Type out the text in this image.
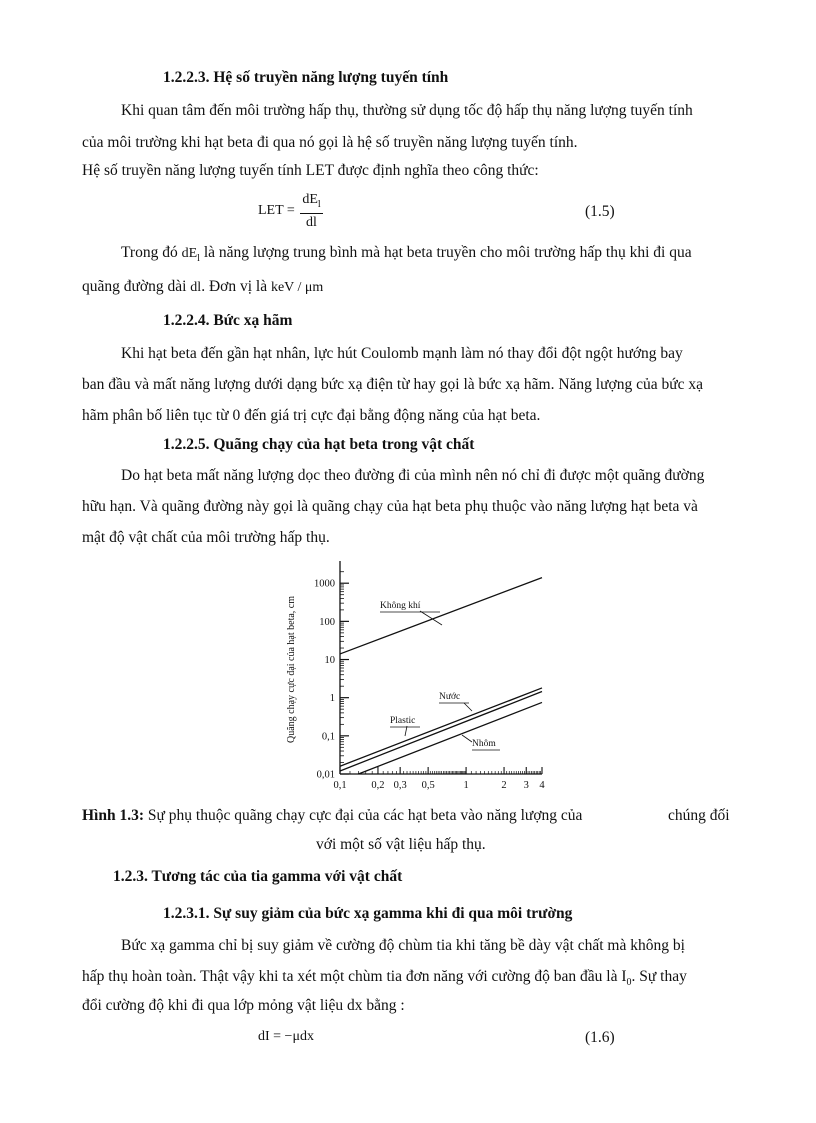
1.2.2.3. Hệ số truyền năng lượng tuyến tính
Khi quan tâm đến môi trường hấp thụ, thường sử dụng tốc độ hấp thụ năng lượng tuyến tính
của môi trường khi hạt beta đi qua nó gọi là hệ số truyền năng lượng tuyến tính.
Hệ số truyền năng lượng tuyến tính LET được định nghĩa theo công thức:
LET = $\frac{dE_l}{dl}$	(1.5)
Trong đó $dE_l$ là năng lượng trung bình mà hạt beta truyền cho môi trường hấp thụ khi đi qua
quãng đường dài dl. Đơn vị là keV / μm
1.2.2.4. Bức xạ hãm
Khi hạt beta đến gần hạt nhân, lực hút Coulomb mạnh làm nó thay đổi đột ngột hướng bay
ban đầu và mất năng lượng dưới dạng bức xạ điện từ hay gọi là bức xạ hãm. Năng lượng của bức xạ
hãm phân bố liên tục từ 0 đến giá trị cực đại bằng động năng của hạt beta.
1.2.2.5. Quãng chạy của hạt beta trong vật chất
Do hạt beta mất năng lượng dọc theo đường đi của mình nên nó chỉ đi được một quãng đường
hữu hạn. Và quãng đường này gọi là quãng chạy của hạt beta phụ thuộc vào năng lượng hạt beta và
mật độ vật chất của môi trường hấp thụ.
0,01
0,1
1
10
100
1000
0,1 0,2 0,3 0,5	1	2 3 4
Quãng chạy cực đại của hạt beta, cm	Không khí
Nước
Plastic
Nhôm
Hình 1.3: Sự phụ thuộc quãng chạy cực đại của các hạt beta vào năng lượng của	chúng đối
với một số vật liệu hấp thụ.
1.2.3. Tương tác của tia gamma với vật chất
1.2.3.1. Sự suy giảm của bức xạ gamma khi đi qua môi trường
Bức xạ gamma chỉ bị suy giảm về cường độ chùm tia khi tăng bề dày vật chất mà không bị
hấp thụ hoàn toàn. Thật vậy khi ta xét một chùm tia đơn năng với cường độ ban đầu là $I_0$. Sự thay
đổi cường độ khi đi qua lớp mỏng vật liệu dx bằng :
dI = −μdx	(1.6)
